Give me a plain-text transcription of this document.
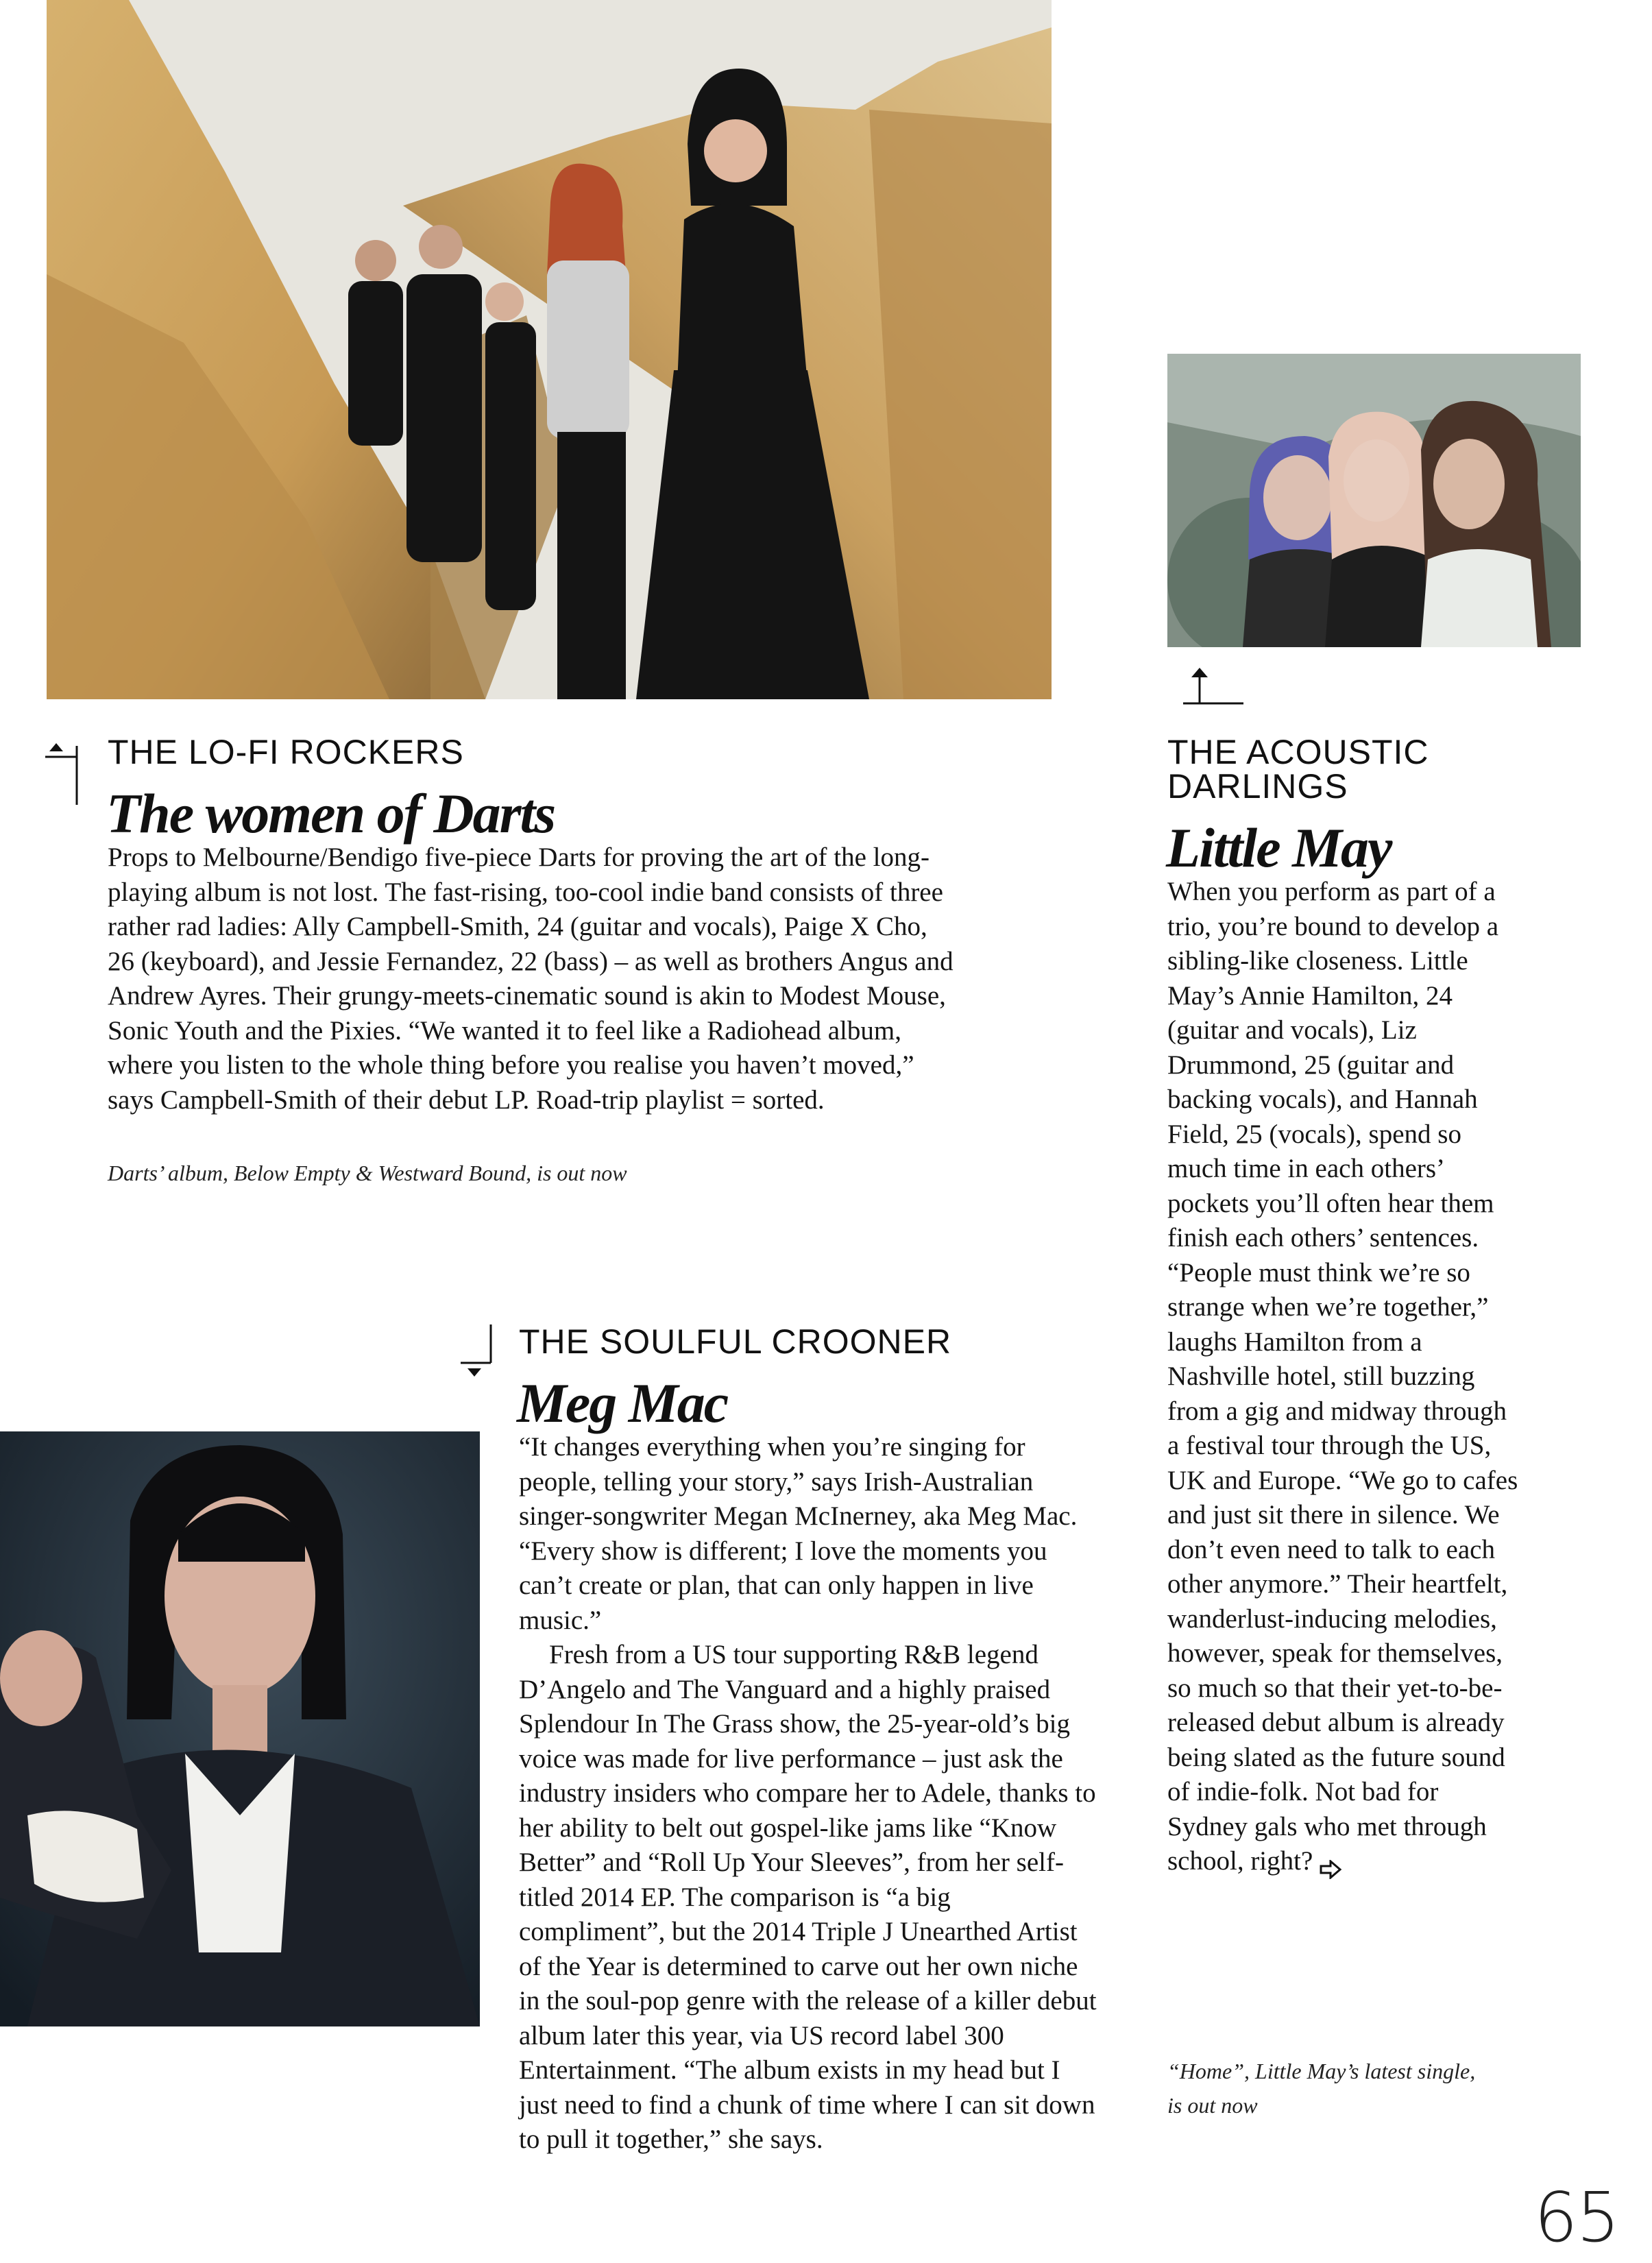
THE LO-FI ROCKERS
The women of Darts
Props to Melbourne/Bendigo five-piece Darts for proving the art of the long-playing album is not lost. The fast-rising, too-cool indie band consists of three rather rad ladies: Ally Campbell-Smith, 24 (guitar and vocals), Paige X Cho, 26 (keyboard), and Jessie Fernandez, 22 (bass) – as well as brothers Angus and Andrew Ayres. Their grungy-meets-cinematic sound is akin to Modest Mouse, Sonic Youth and the Pixies. “We wanted it to feel like a Radiohead album, where you listen to the whole thing before you realise you haven’t moved,” says Campbell-Smith of their debut LP. Road-trip playlist = sorted.
Darts’ album, Below Empty & Westward Bound, is out now
THE SOULFUL CROONER
Meg Mac

“It changes everything when you’re singing for people, telling your story,” says Irish-Australian singer-songwriter Megan McInerney, aka Meg Mac. “Every show is different; I love the moments you can’t create or plan, that can only happen in live music.”

Fresh from a US tour supporting R&B legend D’Angelo and The Vanguard and a highly praised Splendour In The Grass show, the 25-year-old’s big voice was made for live performance – just ask the industry insiders who compare her to Adele, thanks to her ability to belt out gospel-like jams like “Know Better” and “Roll Up Your Sleeves”, from her self-titled 2014 EP. The comparison is “a big compliment”, but the 2014 Triple J Unearthed Artist of the Year is determined to carve out her own niche in the soul-pop genre with the release of a killer debut album later this year, via US record label 300 Entertainment. “The album exists in my head but I just need to find a chunk of time where I can sit down to pull it together,” she says.

THE ACOUSTIC DARLINGS
Little May
When you perform as part of a trio, you’re bound to develop a sibling-like closeness. Little May’s Annie Hamilton, 24 (guitar and vocals), Liz Drummond, 25 (guitar and backing vocals), and Hannah Field, 25 (vocals), spend so much time in each others’ pockets you’ll often hear them finish each others’ sentences. “People must think we’re so strange when we’re together,” laughs Hamilton from a Nashville hotel, still buzzing from a gig and midway through a festival tour through the US, UK and Europe. “We go to cafes and just sit there in silence. We don’t even need to talk to each other anymore.” Their heartfelt, wanderlust-inducing melodies, however, speak for themselves, so much so that their yet-to-be-released debut album is already being slated as the future sound of indie-folk. Not bad for Sydney gals who met through school, right?
“Home”, Little May’s latest single, is out now
65
